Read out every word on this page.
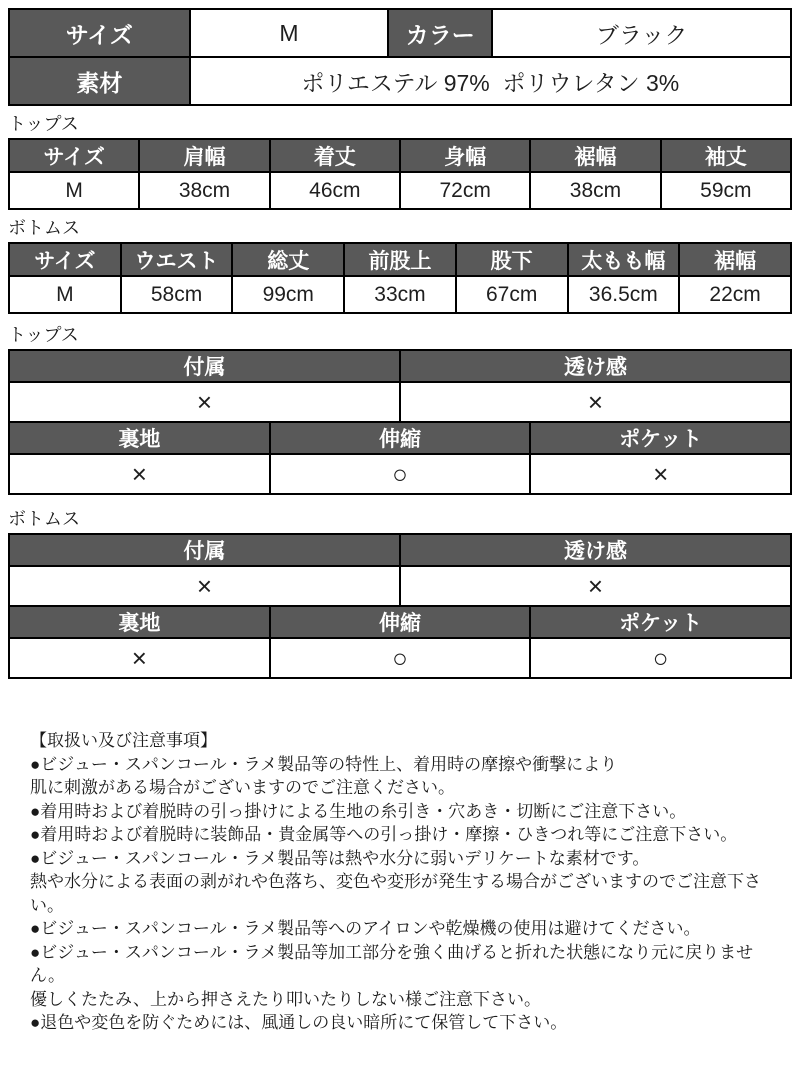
サイズ	M	カラー	ブラック
素材	ポリエステル 97%  ポリウレタン 3%		
トップス
サイズ	肩幅	着丈	身幅	裾幅	袖丈
M	38cm	46cm	72cm	38cm	59cm
ボトムス
サイズ	ウエスト	総丈	前股上	股下	太もも幅	裾幅
M	58cm	99cm	33cm	67cm	36.5cm	22cm
トップス
付属		透け感	
×		×	
裏地	伸縮		ポケット
×	○		×
ボトムス
付属		透け感	
×		×	
裏地	伸縮		ポケット
×	○		○
【取扱い及び注意事項】
●ビジュー・スパンコール・ラメ製品等の特性上、着用時の摩擦や衝撃により
肌に刺激がある場合がございますのでご注意ください。
●着用時および着脱時の引っ掛けによる生地の糸引き・穴あき・切断にご注意下さい。
●着用時および着脱時に装飾品・貴金属等への引っ掛け・摩擦・ひきつれ等にご注意下さい。
●ビジュー・スパンコール・ラメ製品等は熱や水分に弱いデリケートな素材です。
熱や水分による表面の剥がれや色落ち、変色や変形が発生する場合がございますのでご注意下さい。
●ビジュー・スパンコール・ラメ製品等へのアイロンや乾燥機の使用は避けてください。
●ビジュー・スパンコール・ラメ製品等加工部分を強く曲げると折れた状態になり元に戻りません。
優しくたたみ、上から押さえたり叩いたりしない様ご注意下さい。
●退色や変色を防ぐためには、風通しの良い暗所にて保管して下さい。
